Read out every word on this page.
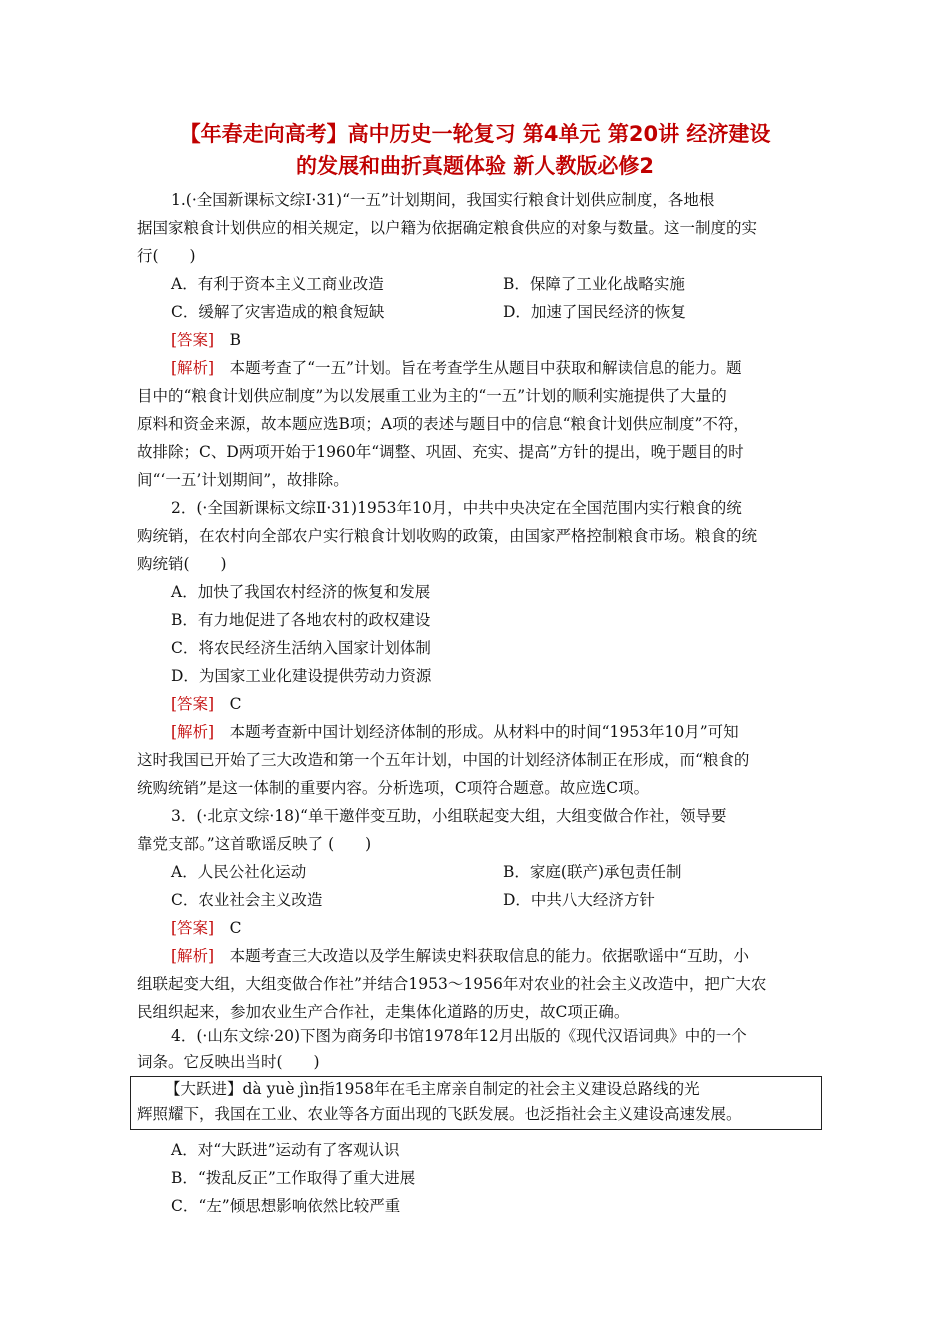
【年春走向高考】高中历史一轮复习 第4单元 第20讲 经济建设
的发展和曲折真题体验 新人教版必修2

1.(·全国新课标文综Ⅰ·31)“一五”计划期间，我国实行粮食计划供应制度，各地根

据国家粮食计划供应的相关规定，以户籍为依据确定粮食供应的对象与数量。这一制度的实

行(　　)

A．有利于资本主义工商业改造	B．保障了工业化战略实施

C．缓解了灾害造成的粮食短缺	D．加速了国民经济的恢复

[答案]　 B

[解析]　 本题考查了“一五”计划。旨在考查学生从题目中获取和解读信息的能力。题

目中的“粮食计划供应制度”为以发展重工业为主的“一五”计划的顺利实施提供了大量的

原料和资金来源，故本题应选B项；A项的表述与题目中的信息“粮食计划供应制度”不符，

故排除；C、D两项开始于1960年“调整、巩固、充实、提高”方针的提出，晚于题目的时

间“‘一五’计划期间”，故排除。

2．(·全国新课标文综Ⅱ·31)1953年10月，中共中央决定在全国范围内实行粮食的统

购统销，在农村向全部农户实行粮食计划收购的政策，由国家严格控制粮食市场。粮食的统

购统销(　　)

A．加快了我国农村经济的恢复和发展

B．有力地促进了各地农村的政权建设

C．将农民经济生活纳入国家计划体制

D．为国家工业化建设提供劳动力资源

[答案]　 C

[解析]　 本题考查新中国计划经济体制的形成。从材料中的时间“1953年10月”可知

这时我国已开始了三大改造和第一个五年计划，中国的计划经济体制正在形成，而“粮食的

统购统销”是这一体制的重要内容。分析选项，C项符合题意。故应选C项。

3．(·北京文综·18)“单干邀伴变互助，小组联起变大组，大组变做合作社，领导要

靠党支部。”这首歌谣反映了 (　　)

A．人民公社化运动	B．家庭(联产)承包责任制

C．农业社会主义改造	D．中共八大经济方针

[答案]　 C

[解析]　 本题考查三大改造以及学生解读史料获取信息的能力。依据歌谣中“互助，小

组联起变大组，大组变做合作社”并结合1953～1956年对农业的社会主义改造中，把广大农

民组织起来，参加农业生产合作社，走集体化道路的历史，故C项正确。

4．(·山东文综·20)下图为商务印书馆1978年12月出版的《现代汉语词典》中的一个

词条。它反映出当时(　　)

【大跃进】dà yuè jìn指1958年在毛主席亲自制定的社会主义建设总路线的光

辉照耀下，我国在工业、农业等各方面出现的飞跃发展。也泛指社会主义建设高速发展。

A．对“大跃进”运动有了客观认识

B．“拨乱反正”工作取得了重大进展

C．“左”倾思想影响依然比较严重
